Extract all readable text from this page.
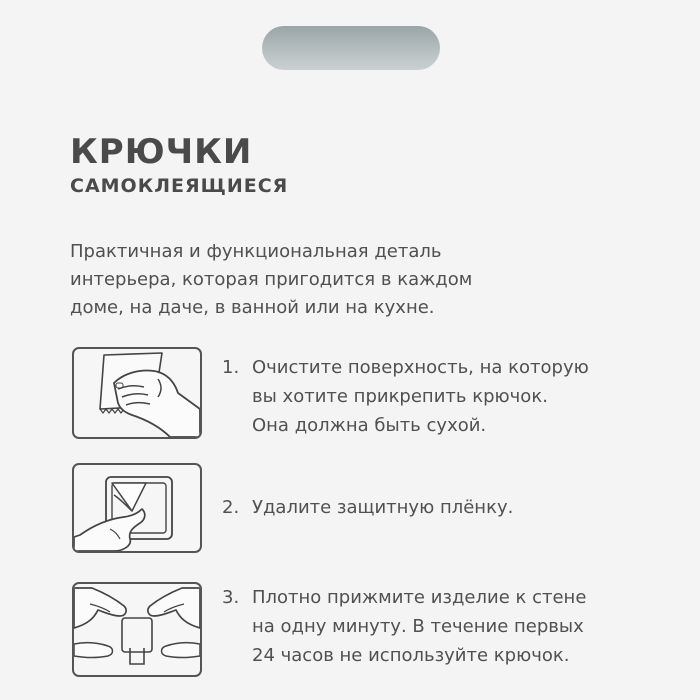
КРЮЧКИ
САМОКЛЕЯЩИЕСЯ
Практичная и функциональная деталь
интерьера, которая пригодится в каждом
доме, на даче, в ванной или на кухне.
1. Очистите поверхность, на которую
вы хотите прикрепить крючок.
Она должна быть сухой.
2. Удалите защитную плёнку.
3. Плотно прижмите изделие к стене
на одну минуту. В течение первых
24 часов не используйте крючок.
